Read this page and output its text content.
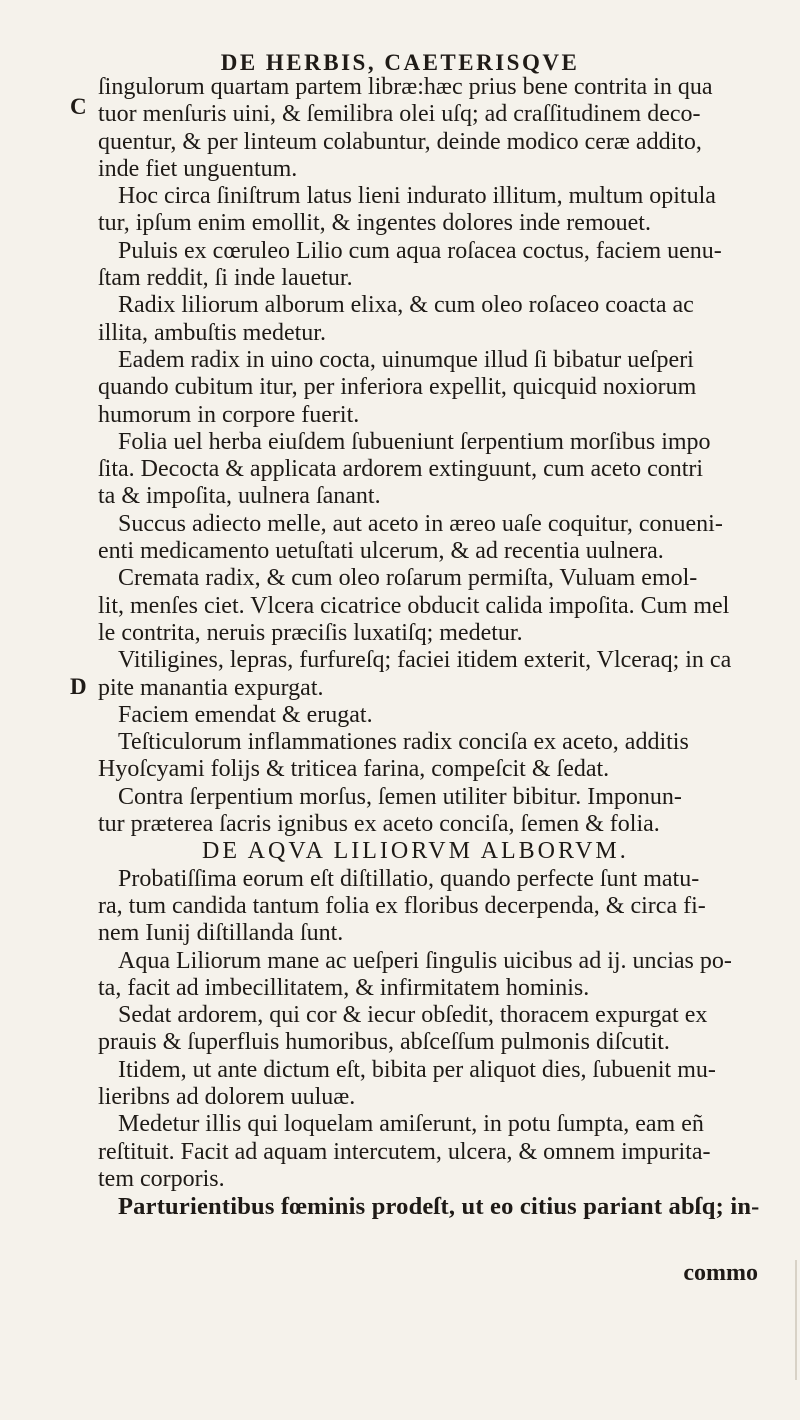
DE HERBIS, CAETERISQVE
C
D
ſingulorum quartam partem libræ:hæc prius bene contrita in qua
tuor menſuris uini, & ſemilibra olei uſq; ad craſſitudinem deco-
quentur, & per linteum colabuntur, deinde modico ceræ addito,
inde fiet unguentum.
Hoc circa ſiniſtrum latus lieni indurato illitum, multum opitula
tur, ipſum enim emollit, & ingentes dolores inde remouet.
Puluis ex cœruleo Lilio cum aqua roſacea coctus, faciem uenu-
ſtam reddit, ſi inde lauetur.
Radix liliorum alborum elixa, & cum oleo roſaceo coacta ac
illita, ambuſtis medetur.
Eadem radix in uino cocta, uinumque illud ſi bibatur ueſperi
quando cubitum itur, per inferiora expellit, quicquid noxiorum
humorum in corpore fuerit.
Folia uel herba eiuſdem ſubueniunt ſerpentium morſibus impo
ſita. Decocta & applicata ardorem extinguunt, cum aceto contri
ta & impoſita, uulnera ſanant.
Succus adiecto melle, aut aceto in æreo uaſe coquitur, conueni-
enti medicamento uetuſtati ulcerum, & ad recentia uulnera.
Cremata radix, & cum oleo roſarum permiſta, Vuluam emol-
lit, menſes ciet. Vlcera cicatrice obducit calida impoſita. Cum mel
le contrita, neruis præciſis luxatiſq; medetur.
Vitiligines, lepras, furfureſq; faciei itidem exterit, Vlceraq; in ca
pite manantia expurgat.
Faciem emendat & erugat.
Teſticulorum inflammationes radix conciſa ex aceto, additis
Hyoſcyami folijs & triticea farina, compeſcit & ſedat.
Contra ſerpentium morſus, ſemen utiliter bibitur. Imponun-
tur prӕterea ſacris ignibus ex aceto conciſa, ſemen & folia.
DE AQVA LILIORVM ALBORVM.
Probatiſſima eorum eſt diſtillatio, quando perfecte ſunt matu-
ra, tum candida tantum folia ex floribus decerpenda, & circa fi-
nem Iunij diſtillanda ſunt.
Aqua Liliorum mane ac ueſperi ſingulis uicibus ad ij. uncias po-
ta, facit ad imbecillitatem, & infirmitatem hominis.
Sedat ardorem, qui cor & iecur obſedit, thoracem expurgat ex
prauis & ſuperfluis humoribus, abſceſſum pulmonis diſcutit.
Itidem, ut ante dictum eſt, bibita per aliquot dies, ſubuenit mu-
lieribns ad dolorem uuluæ.
Medetur illis qui loquelam amiſerunt, in potu ſumpta, eam eñ
reſtituit. Facit ad aquam intercutem, ulcera, & omnem impurita-
tem corporis.
Parturientibus fœminis prodeſt, ut eo citius pariant abſq; in-
commo
